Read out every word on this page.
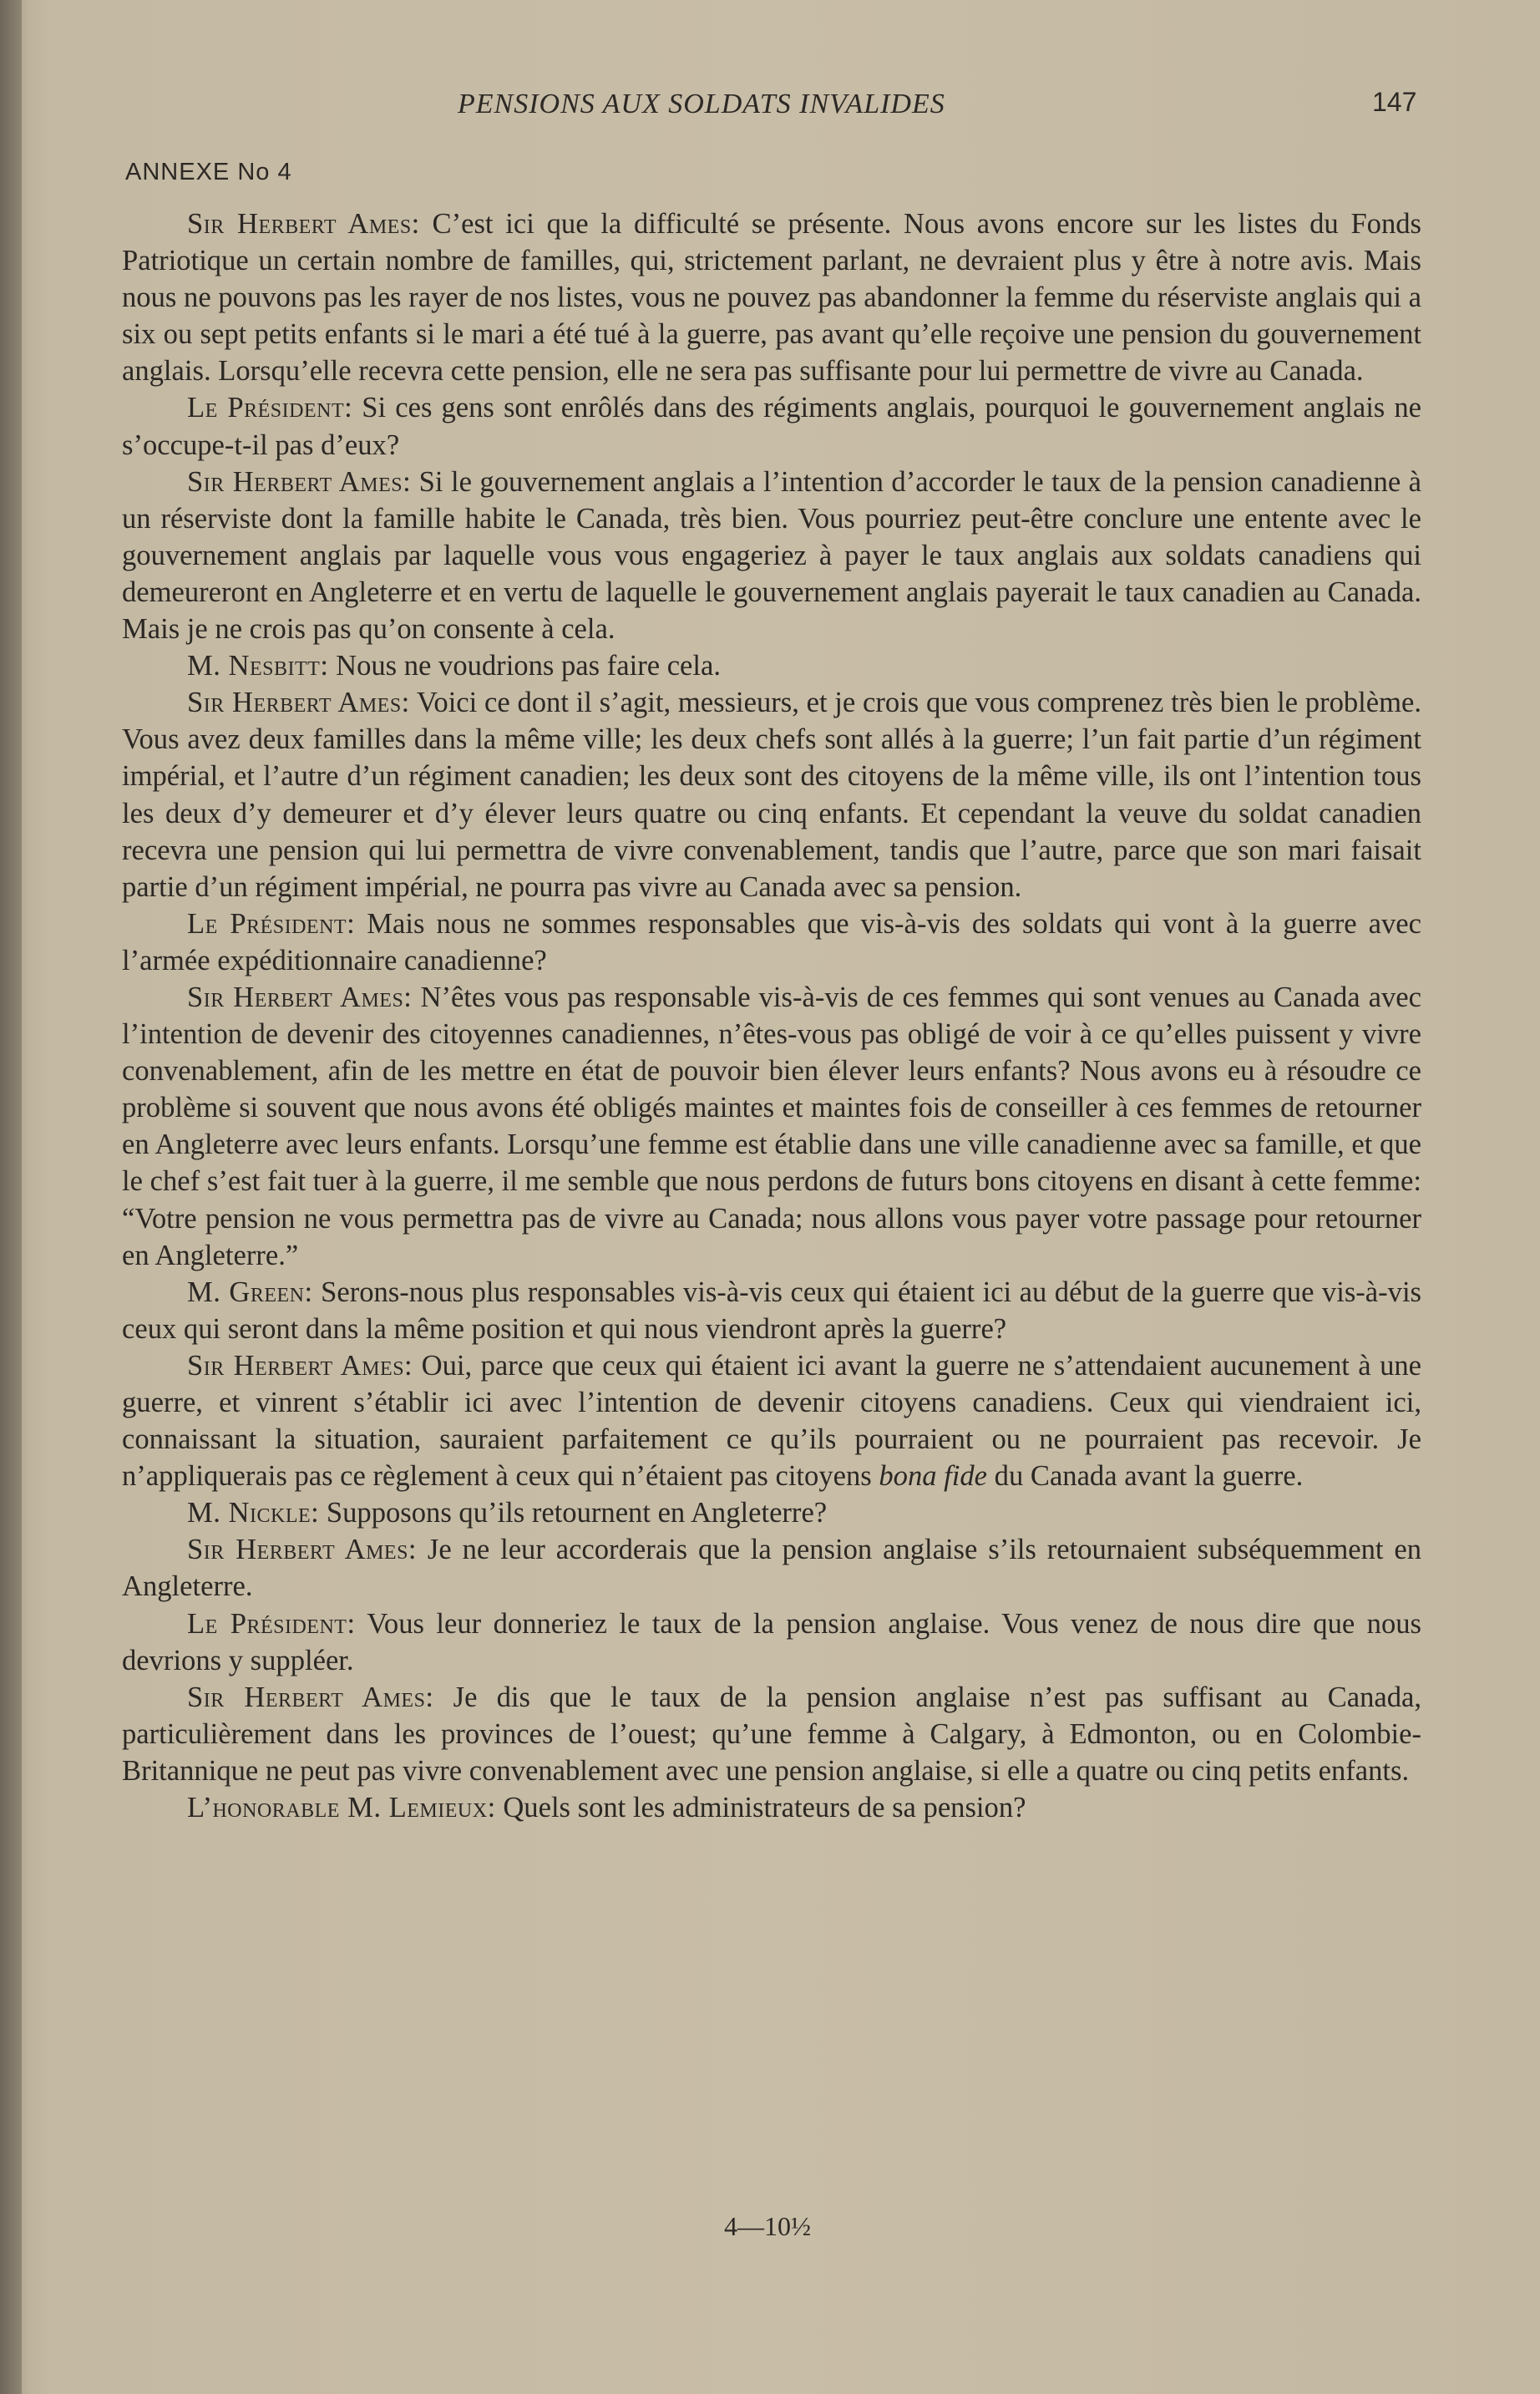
PENSIONS AUX SOLDATS INVALIDES	147
ANNEXE No 4

Sir Herbert Ames: C’est ici que la difficulté se présente. Nous avons encore sur les listes du Fonds Patriotique un certain nombre de familles, qui, strictement parlant, ne devraient plus y être à notre avis. Mais nous ne pouvons pas les rayer de nos listes, vous ne pouvez pas abandonner la femme du réserviste anglais qui a six ou sept petits enfants si le mari a été tué à la guerre, pas avant qu’elle reçoive une pension du gouvernement anglais. Lorsqu’elle recevra cette pension, elle ne sera pas suffisante pour lui permettre de vivre au Canada.

Le Président: Si ces gens sont enrôlés dans des régiments anglais, pourquoi le gouvernement anglais ne s’occupe-t-il pas d’eux?

Sir Herbert Ames: Si le gouvernement anglais a l’intention d’accorder le taux de la pension canadienne à un réserviste dont la famille habite le Canada, très bien. Vous pourriez peut-être conclure une entente avec le gouvernement anglais par laquelle vous vous engageriez à payer le taux anglais aux soldats canadiens qui demeureront en Angleterre et en vertu de laquelle le gouvernement anglais payerait le taux canadien au Canada. Mais je ne crois pas qu’on consente à cela.

M. Nesbitt: Nous ne voudrions pas faire cela.

Sir Herbert Ames: Voici ce dont il s’agit, messieurs, et je crois que vous comprenez très bien le problème. Vous avez deux familles dans la même ville; les deux chefs sont allés à la guerre; l’un fait partie d’un régiment impérial, et l’autre d’un régiment canadien; les deux sont des citoyens de la même ville, ils ont l’intention tous les deux d’y demeurer et d’y élever leurs quatre ou cinq enfants. Et cependant la veuve du soldat canadien recevra une pension qui lui permettra de vivre convenablement, tandis que l’autre, parce que son mari faisait partie d’un régiment impérial, ne pourra pas vivre au Canada avec sa pension.

Le Président: Mais nous ne sommes responsables que vis-à-vis des soldats qui vont à la guerre avec l’armée expéditionnaire canadienne?

Sir Herbert Ames: N’êtes vous pas responsable vis-à-vis de ces femmes qui sont venues au Canada avec l’intention de devenir des citoyennes canadiennes, n’êtes-vous pas obligé de voir à ce qu’elles puissent y vivre convenablement, afin de les mettre en état de pouvoir bien élever leurs enfants? Nous avons eu à résoudre ce problème si souvent que nous avons été obligés maintes et maintes fois de conseiller à ces femmes de retourner en Angleterre avec leurs enfants. Lorsqu’une femme est établie dans une ville canadienne avec sa famille, et que le chef s’est fait tuer à la guerre, il me semble que nous perdons de futurs bons citoyens en disant à cette femme: “Votre pension ne vous permettra pas de vivre au Canada; nous allons vous payer votre passage pour retourner en Angleterre.”

M. Green: Serons-nous plus responsables vis-à-vis ceux qui étaient ici au début de la guerre que vis-à-vis ceux qui seront dans la même position et qui nous viendront après la guerre?

Sir Herbert Ames: Oui, parce que ceux qui étaient ici avant la guerre ne s’attendaient aucunement à une guerre, et vinrent s’établir ici avec l’intention de devenir citoyens canadiens. Ceux qui viendraient ici, connaissant la situation, sauraient parfaitement ce qu’ils pourraient ou ne pourraient pas recevoir. Je n’appliquerais pas ce règlement à ceux qui n’étaient pas citoyens bona fide du Canada avant la guerre.

M. Nickle: Supposons qu’ils retournent en Angleterre?

Sir Herbert Ames: Je ne leur accorderais que la pension anglaise s’ils retournaient subséquemment en Angleterre.

Le Président: Vous leur donneriez le taux de la pension anglaise. Vous venez de nous dire que nous devrions y suppléer.

Sir Herbert Ames: Je dis que le taux de la pension anglaise n’est pas suffisant au Canada, particulièrement dans les provinces de l’ouest; qu’une femme à Calgary, à Edmonton, ou en Colombie-Britannique ne peut pas vivre convenablement avec une pension anglaise, si elle a quatre ou cinq petits enfants.

L’honorable M. Lemieux: Quels sont les administrateurs de sa pension?

4—10½
